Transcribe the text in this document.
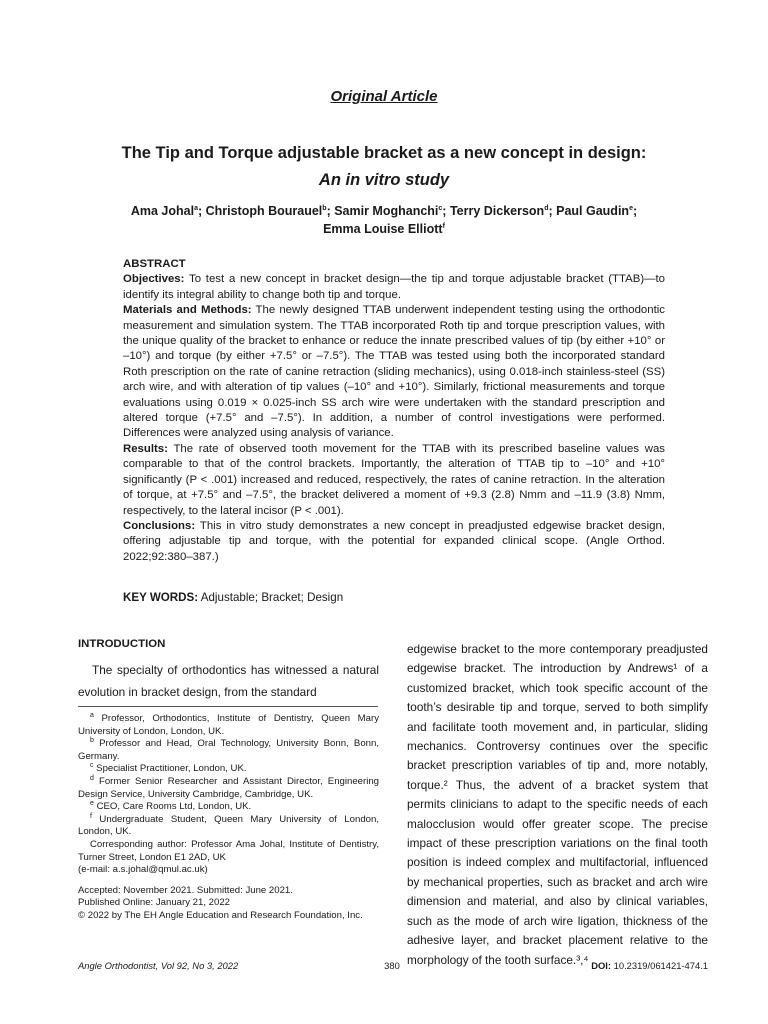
Original Article
The Tip and Torque adjustable bracket as a new concept in design:
An in vitro study
Ama Johal$^a$; Christoph Bourauel$^b$; Samir Moghanchi$^c$; Terry Dickerson$^d$; Paul Gaudin$^e$;
Emma Louise Elliott$^f$
ABSTRACT

Objectives: To test a new concept in bracket design—the tip and torque adjustable bracket (TTAB)—to identify its integral ability to change both tip and torque.

Materials and Methods: The newly designed TTAB underwent independent testing using the orthodontic measurement and simulation system. The TTAB incorporated Roth tip and torque prescription values, with the unique quality of the bracket to enhance or reduce the innate prescribed values of tip (by either +10° or –10°) and torque (by either +7.5° or –7.5°). The TTAB was tested using both the incorporated standard Roth prescription on the rate of canine retraction (sliding mechanics), using 0.018-inch stainless-steel (SS) arch wire, and with alteration of tip values (–10° and +10°). Similarly, frictional measurements and torque evaluations using 0.019 × 0.025-inch SS arch wire were undertaken with the standard prescription and altered torque (+7.5° and –7.5°). In addition, a number of control investigations were performed. Differences were analyzed using analysis of variance.

Results: The rate of observed tooth movement for the TTAB with its prescribed baseline values was comparable to that of the control brackets. Importantly, the alteration of TTAB tip to –10° and +10° significantly (P < .001) increased and reduced, respectively, the rates of canine retraction. In the alteration of torque, at +7.5° and –7.5°, the bracket delivered a moment of +9.3 (2.8) Nmm and –11.9 (3.8) Nmm, respectively, to the lateral incisor (P < .001).

Conclusions: This in vitro study demonstrates a new concept in preadjusted edgewise bracket design, offering adjustable tip and torque, with the potential for expanded clinical scope. (Angle Orthod. 2022;92:380–387.)

KEY WORDS: Adjustable; Bracket; Design
INTRODUCTION
The specialty of orthodontics has witnessed a natural evolution in bracket design, from the standard
$^a$ Professor, Orthodontics, Institute of Dentistry, Queen Mary University of London, London, UK.
$^b$ Professor and Head, Oral Technology, University Bonn, Bonn, Germany.
$^c$ Specialist Practitioner, London, UK.
$^d$ Former Senior Researcher and Assistant Director, Engineering Design Service, University Cambridge, Cambridge, UK.
$^e$ CEO, Care Rooms Ltd, London, UK.
$^f$ Undergraduate Student, Queen Mary University of London, London, UK.
Corresponding author: Professor Ama Johal, Institute of Dentistry, Turner Street, London E1 2AD, UK
(e-mail: a.s.johal@qmul.ac.uk)
Accepted: November 2021. Submitted: June 2021.
Published Online: January 21, 2022
© 2022 by The EH Angle Education and Research Foundation, Inc.
edgewise bracket to the more contemporary preadjusted edgewise bracket. The introduction by Andrews¹ of a customized bracket, which took specific account of the tooth’s desirable tip and torque, served to both simplify and facilitate tooth movement and, in particular, sliding mechanics. Controversy continues over the specific bracket prescription variables of tip and, more notably, torque.² Thus, the advent of a bracket system that permits clinicians to adapt to the specific needs of each malocclusion would offer greater scope. The precise impact of these prescription variations on the final tooth position is indeed complex and multifactorial, influenced by mechanical properties, such as bracket and arch wire dimension and material, and also by clinical variables, such as the mode of arch wire ligation, thickness of the adhesive layer, and bracket placement relative to the morphology of the tooth surface.³,⁴
Angle Orthodontist, Vol 92, No 3, 2022	380	DOI: 10.2319/061421-474.1
